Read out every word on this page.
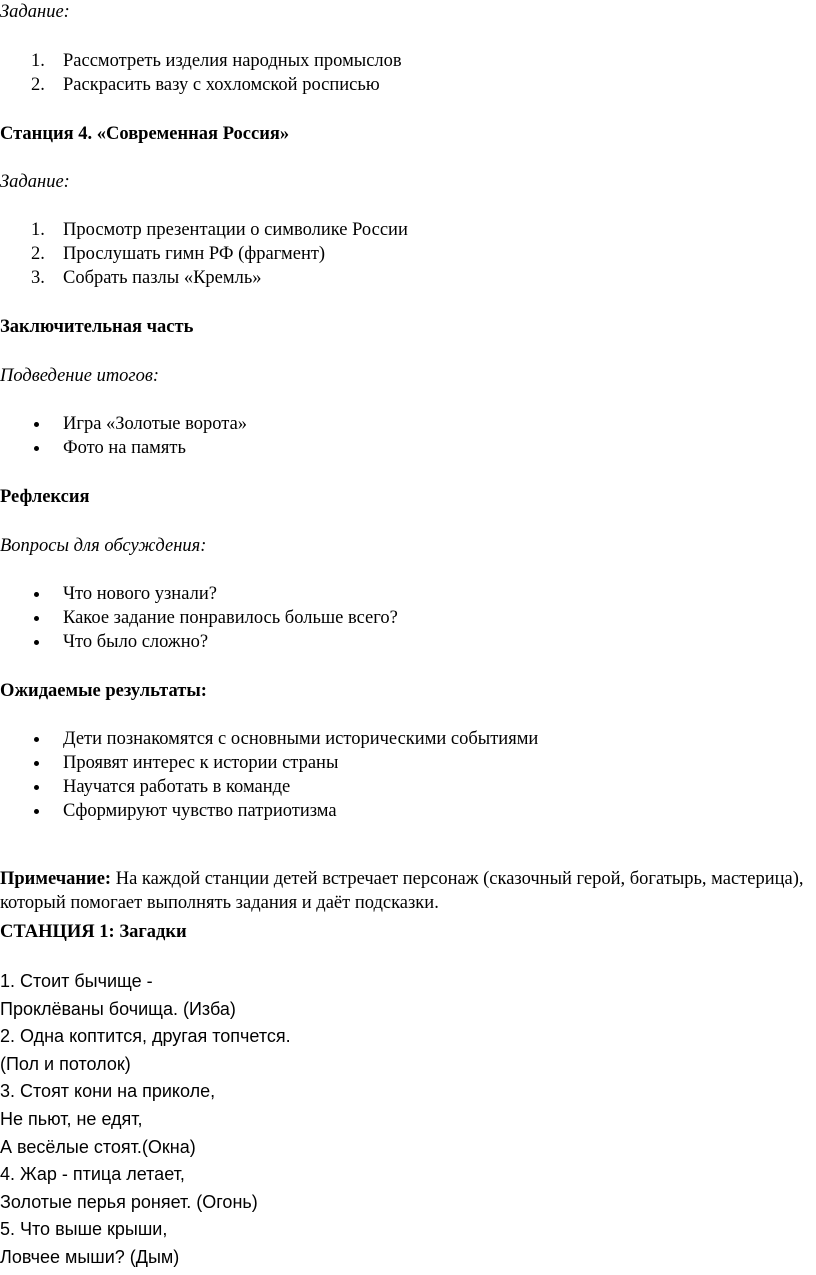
Задание:

1. Рассмотреть изделия народных промыслов
2. Раскрасить вазу с хохломской росписью

Станция 4. «Современная Россия»

Задание:

1. Просмотр презентации о символике России
2. Прослушать гимн РФ (фрагмент)
3. Собрать пазлы «Кремль»

Заключительная часть

Подведение итогов:

Игра «Золотые ворота»
Фото на память

Рефлексия

Вопросы для обсуждения:

Что нового узнали?
Какое задание понравилось больше всего?
Что было сложно?

Ожидаемые результаты:

Дети познакомятся с основными историческими событиями
Проявят интерес к истории страны
Научатся работать в команде
Сформируют чувство патриотизма

Примечание: На каждой станции детей встречает персонаж (сказочный герой, богатырь, мастерица), который помогает выполнять задания и даёт подсказки.

СТАНЦИЯ 1: Загадки

1. Стоит бычище -
Проклёваны бочища. (Изба)
2. Одна коптится, другая топчется.
(Пол и потолок)
3. Стоят кони на приколе,
Не пьют, не едят,
А весёлые стоят.(Окна)
4. Жар - птица летает,
Золотые перья роняет. (Огонь)
5. Что выше крыши,
Ловчее мыши? (Дым)
